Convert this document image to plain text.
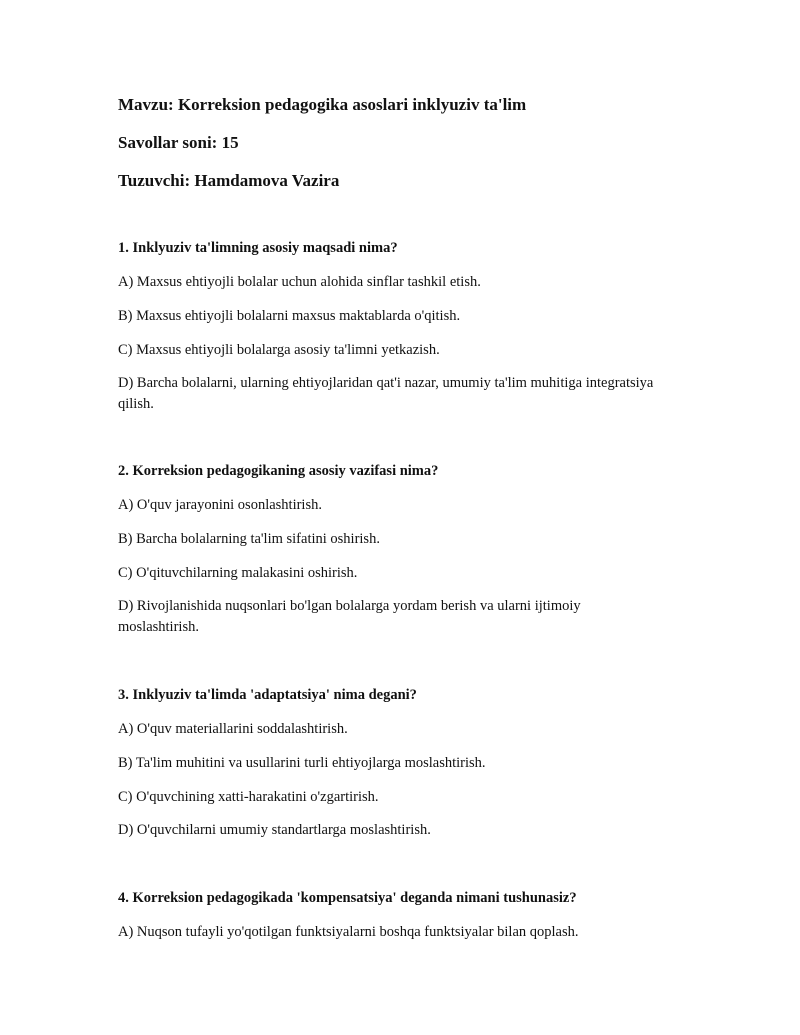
Mavzu: Korreksion pedagogika asoslari inklyuziv ta'lim
Savollar soni: 15
Tuzuvchi: Hamdamova Vazira
1. Inklyuziv ta'limning asosiy maqsadi nima?
A) Maxsus ehtiyojli bolalar uchun alohida sinflar tashkil etish.
B) Maxsus ehtiyojli bolalarni maxsus maktablarda o'qitish.
C) Maxsus ehtiyojli bolalarga asosiy ta'limni yetkazish.
D) Barcha bolalarni, ularning ehtiyojlaridan qat'i nazar, umumiy ta'lim muhitiga integratsiya qilish.
2. Korreksion pedagogikaning asosiy vazifasi nima?
A) O'quv jarayonini osonlashtirish.
B) Barcha bolalarning ta'lim sifatini oshirish.
C) O'qituvchilarning malakasini oshirish.
D) Rivojlanishida nuqsonlari bo'lgan bolalarga yordam berish va ularni ijtimoiy moslashtirish.
3. Inklyuziv ta'limda 'adaptatsiya' nima degani?
A) O'quv materiallarini soddalashtirish.
B) Ta'lim muhitini va usullarini turli ehtiyojlarga moslashtirish.
C) O'quvchining xatti-harakatini o'zgartirish.
D) O'quvchilarni umumiy standartlarga moslashtirish.
4. Korreksion pedagogikada 'kompensatsiya' deganda nimani tushunasiz?
A) Nuqson tufayli yo'qotilgan funktsiyalarni boshqa funktsiyalar bilan qoplash.
